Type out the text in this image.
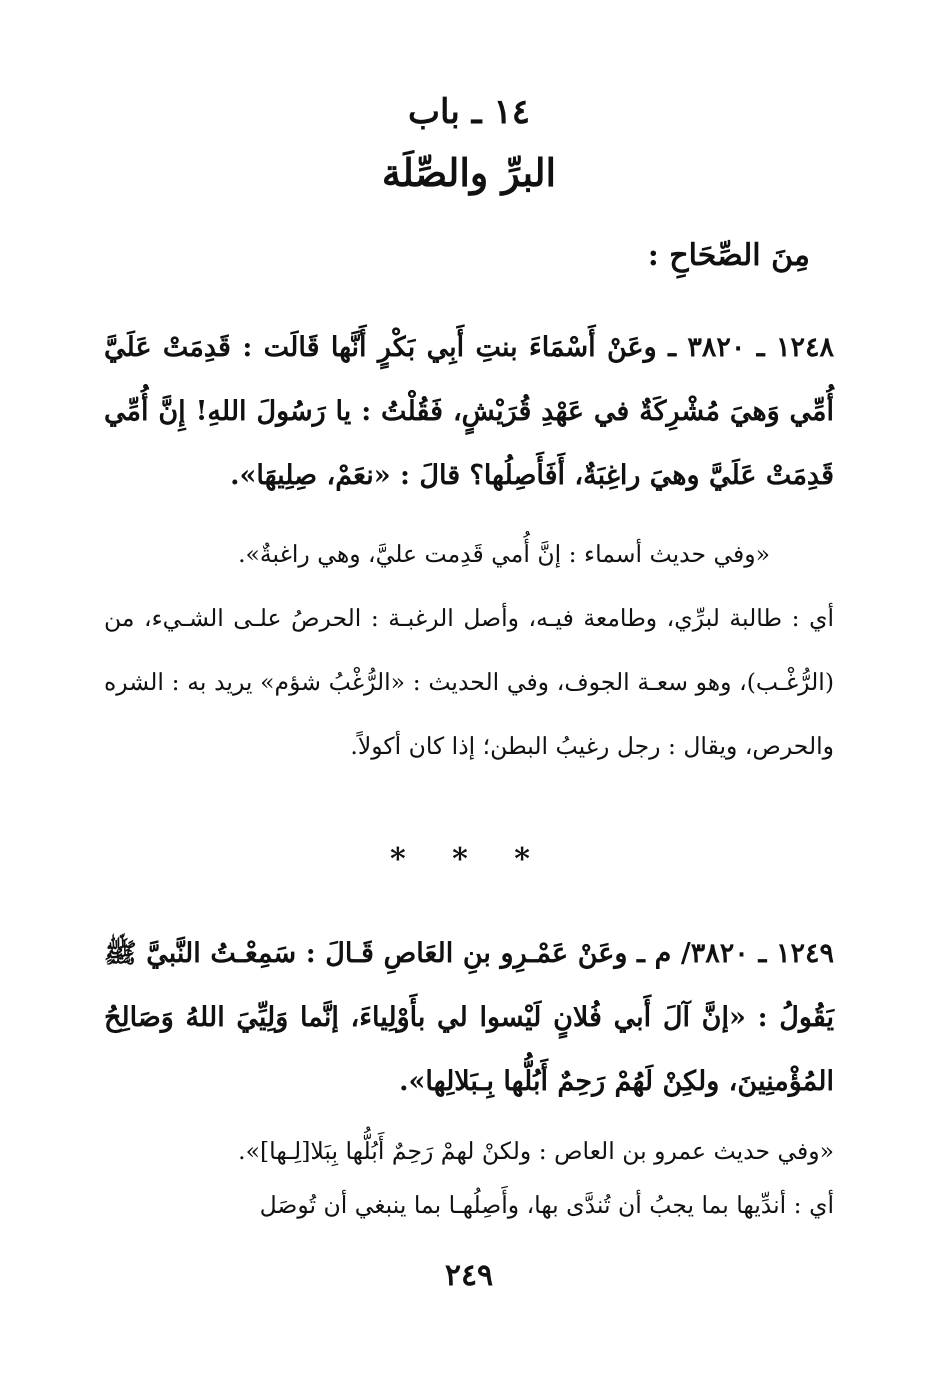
١٤ ـ باب
البرِّ والصِّلَة
مِنَ الصِّحَاحِ :

١٢٤٨ ـ ٣٨٢٠ ـ وعَنْ أَسْمَاءَ بنتِ أَبِي بَكْرٍ أَنَّها قَالَت : قَدِمَتْ عَلَيَّ أُمِّي وَهيَ مُشْرِكَةٌ في عَهْدِ قُرَيْشٍ، فَقُلْتُ : يا رَسُولَ اللهِ! إِنَّ أُمِّي قَدِمَتْ عَلَيَّ وهيَ راغِبَةٌ، أَفَأَصِلُها؟ قالَ : «نعَمْ، صِلِيهَا».

«وفي حديث أسماء : إنَّ أُمي قَدِمت عليَّ، وهي راغبةٌ».

أي : طالبة لبرِّي، وطامعة فيـه، وأصل الرغبـة : الحرصُ علـى الشـيء، من (الرُّغْـب)، وهو سعـة الجوف، وفي الحديث : «الرُّغْبُ شؤم» يريد به : الشره والحرص، ويقال : رجل رغيبُ البطن؛ إذا كان أكولاً.

* * *

١٢٤٩ ـ ٣٨٢٠/ م ـ وعَنْ عَمْـرِو بنِ العَاصِ قَـالَ : سَمِعْـتُ النَّبيَّ ﷺ يَقُولُ : «إنَّ آلَ أَبي فُلانٍ لَيْسوا لي بأَوْلِياءَ، إنَّما وَلِيِّيَ اللهُ وَصَالِحُ المُؤْمنِينَ، ولكِنْ لَهُمْ رَحِمٌ أَبُلُّها بِـبَلالِها».

«وفي حديث عمرو بن العاص : ولكنْ لهمْ رَحِمٌ أَبُلُّها بِبَلا[لِـها]».

أي : أندِّيها بما يجبُ أن تُندَّى بها، وأَصِلُهـا بما ينبغي أن تُوصَل

٢٤٩
